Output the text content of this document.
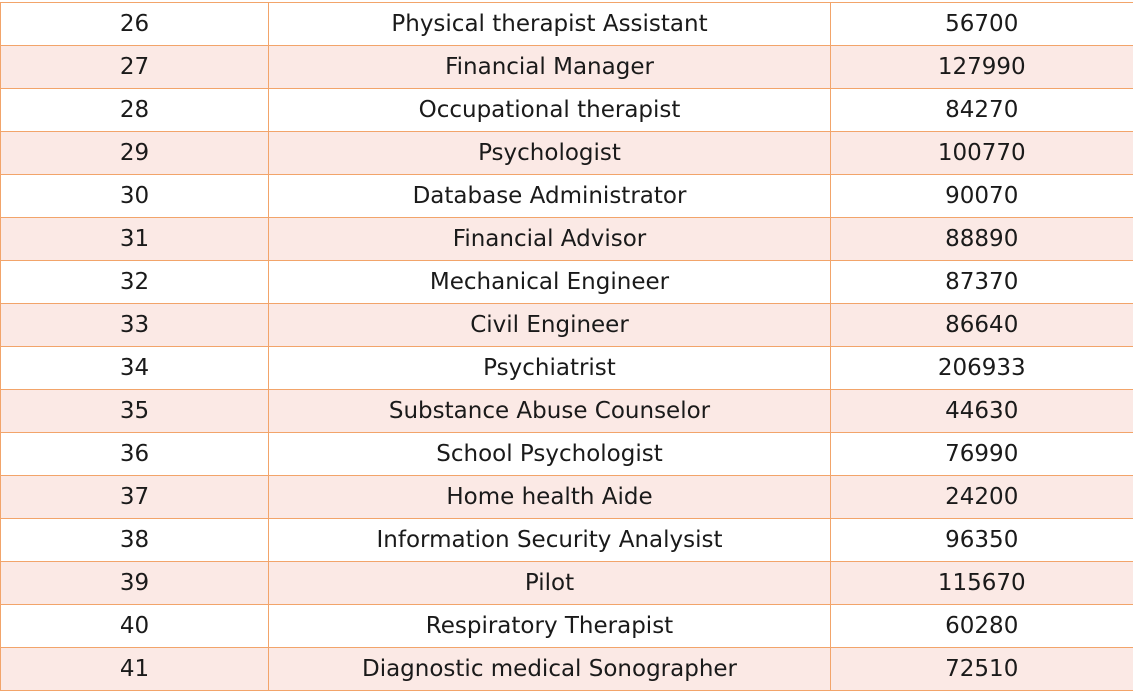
26	Physical therapist Assistant	56700
27	Financial Manager	127990
28	Occupational therapist	84270
29	Psychologist	100770
30	Database Administrator	90070
31	Financial Advisor	88890
32	Mechanical Engineer	87370
33	Civil Engineer	86640
34	Psychiatrist	206933
35	Substance Abuse Counselor	44630
36	School Psychologist	76990
37	Home health Aide	24200
38	Information Security Analysist	96350
39	Pilot	115670
40	Respiratory Therapist	60280
41	Diagnostic medical Sonographer	72510
